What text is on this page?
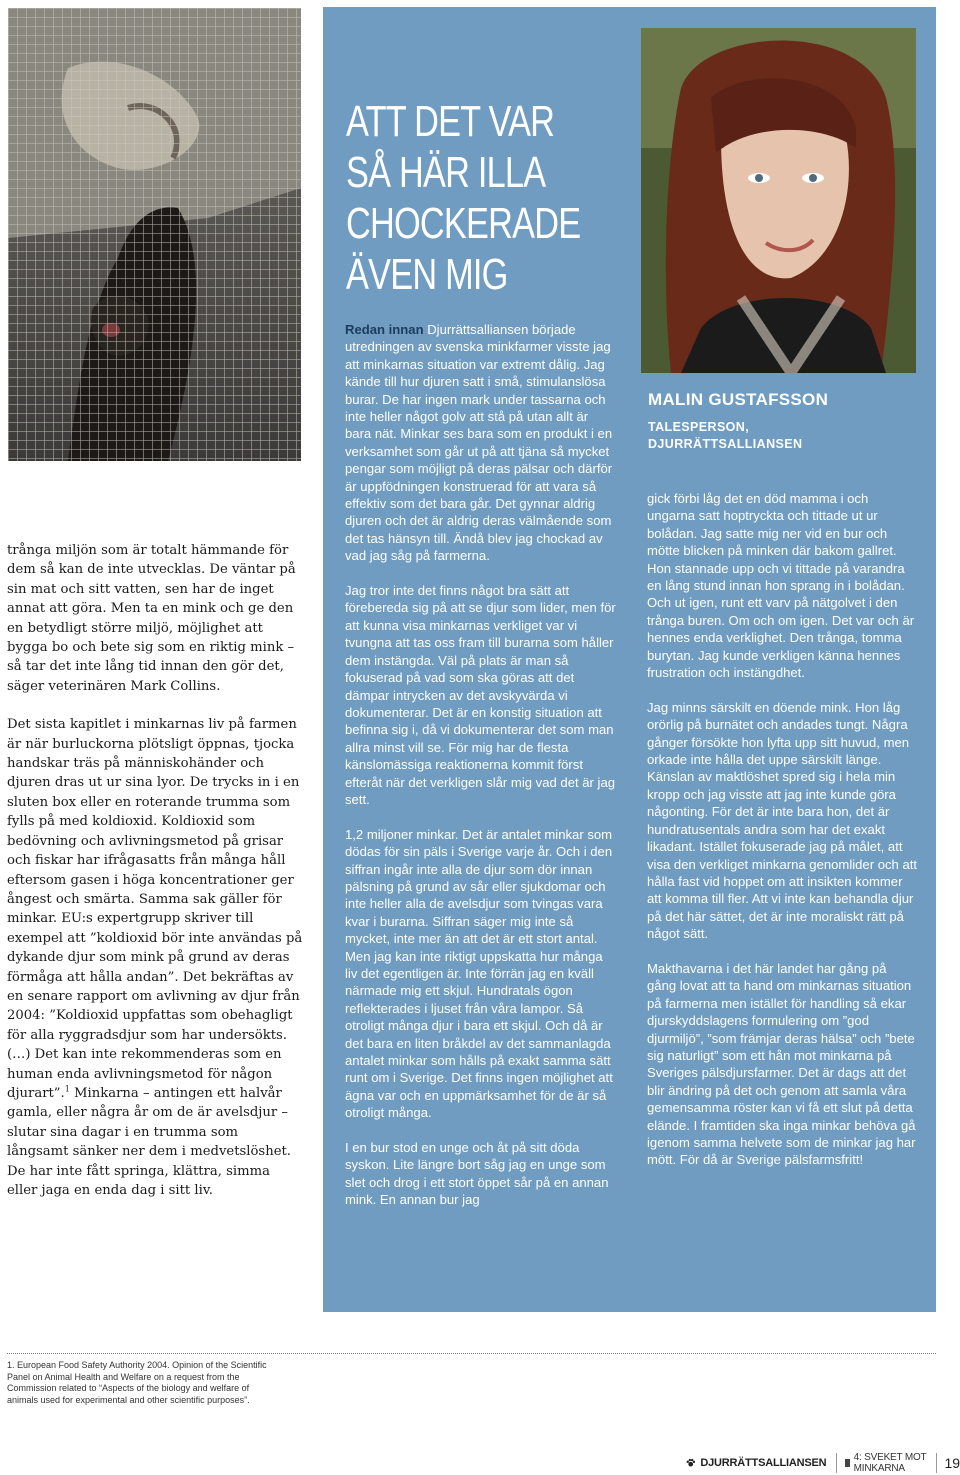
trånga miljön som är totalt hämmande för dem så kan de inte utvecklas. De väntar på sin mat och sitt vatten, sen har de inget annat att göra. Men ta en mink och ge den en betydligt större miljö, möjlighet att bygga bo och bete sig som en riktig mink – så tar det inte lång tid innan den gör det, säger veterinären Mark Collins.

Det sista kapitlet i minkarnas liv på farmen är när burluckorna plötsligt öppnas, tjocka handskar träs på människohänder och djuren dras ut ur sina lyor. De trycks in i en sluten box eller en roterande trumma som fylls på med koldioxid. Koldioxid som bedövning och avlivningsmetod på grisar och fiskar har ifrågasatts från många håll eftersom gasen i höga koncentrationer ger ångest och smärta. Samma sak gäller för minkar. EU:s expertgrupp skriver till exempel att ”koldioxid bör inte användas på dykande djur som mink på grund av deras förmåga att hålla andan”. Det bekräftas av en senare rapport om avlivning av djur från 2004: ”Koldioxid uppfattas som obehagligt för alla ryggradsdjur som har undersökts. (…) Det kan inte rekommenderas som en human enda avlivningsmetod för någon djurart”.$^1$ Minkarna – antingen ett halvår gamla, eller några år om de är avelsdjur – slutar sina dagar i en trumma som långsamt sänker ner dem i medvetslöshet. De har inte fått springa, klättra, simma eller jaga en enda dag i sitt liv.

ATT DET VAR
SÅ HÄR ILLA
CHOCKERADE
ÄVEN MIG

Redan innan Djurrättsalliansen började utredningen av svenska minkfarmer visste jag att minkarnas situation var extremt dålig. Jag kände till hur djuren satt i små, stimulanslösa burar. De har ingen mark under tassarna och inte heller något golv att stå på utan allt är bara nät. Minkar ses bara som en produkt i en verksamhet som går ut på att tjäna så mycket pengar som möjligt på deras pälsar och därför är uppfödningen konstruerad för att vara så effektiv som det bara går. Det gynnar aldrig djuren och det är aldrig deras välmående som det tas hänsyn till. Ändå blev jag chockad av vad jag såg på farmerna.

Jag tror inte det finns något bra sätt att förebereda sig på att se djur som lider, men för att kunna visa minkarnas verkliget var vi tvungna att tas oss fram till burarna som håller dem instängda. Väl på plats är man så fokuserad på vad som ska göras att det dämpar intrycken av det avskyvärda vi dokumenterar. Det är en konstig situation att befinna sig i, då vi dokumenterar det som man allra minst vill se. För mig har de flesta känslomässiga reaktionerna kommit först efteråt när det verkligen slår mig vad det är jag sett.

1,2 miljoner minkar. Det är antalet minkar som dödas för sin päls i Sverige varje år. Och i den siffran ingår inte alla de djur som dör innan pälsning på grund av sår eller sjukdomar och inte heller alla de avelsdjur som tvingas vara kvar i burarna. Siffran säger mig inte så mycket, inte mer än att det är ett stort antal. Men jag kan inte riktigt uppskatta hur många liv det egentligen är. Inte förrän jag en kväll närmade mig ett skjul. Hundratals ögon reflekterades i ljuset från våra lampor. Så otroligt många djur i bara ett skjul. Och då är det bara en liten bråkdel av det sammanlagda antalet minkar som hålls på exakt samma sätt runt om i Sverige. Det finns ingen möjlighet att ägna var och en uppmärksamhet för de är så otroligt många.

I en bur stod en unge och åt på sitt döda syskon. Lite längre bort såg jag en unge som slet och drog i ett stort öppet sår på en annan mink. En annan bur jag

MALIN GUSTAFSSON
TALESPERSON,
DJURRÄTTSALLIANSEN

gick förbi låg det en död mamma i och ungarna satt hoptryckta och tittade ut ur bolådan. Jag satte mig ner vid en bur och mötte blicken på minken där bakom gallret. Hon stannade upp och vi tittade på varandra en lång stund innan hon sprang in i bolådan. Och ut igen, runt ett varv på nätgolvet i den trånga buren. Om och om igen. Det var och är hennes enda verklighet. Den trånga, tomma burytan. Jag kunde verkligen känna hennes frustration och instängdhet.

Jag minns särskilt en döende mink. Hon låg orörlig på burnätet och andades tungt. Några gånger försökte hon lyfta upp sitt huvud, men orkade inte hålla det uppe särskilt länge. Känslan av maktlöshet spred sig i hela min kropp och jag visste att jag inte kunde göra någonting. För det är inte bara hon, det är hundratusentals andra som har det exakt likadant. Istället fokuserade jag på målet, att visa den verkliget minkarna genomlider och att hålla fast vid hoppet om att insikten kommer att komma till fler. Att vi inte kan behandla djur på det här sättet, det är inte moraliskt rätt på något sätt.

Makthavarna i det här landet har gång på gång lovat att ta hand om minkarnas situation på farmerna men istället för handling så ekar djurskyddslagens formulering om ”god djurmiljö”, ”som främjar deras hälsa” och ”bete sig naturligt” som ett hån mot minkarna på Sveriges pälsdjursfarmer. Det är dags att det blir ändring på det och genom att samla våra gemensamma röster kan vi få ett slut på detta elände. I framtiden ska inga minkar behöva gå igenom samma helvete som de minkar jag har mött. För då är Sverige pälsfarmsfritt!

1. European Food Safety Authority 2004. Opinion of the Scientific Panel on Animal Health and Welfare on a request from the Commission related to “Aspects of the biology and welfare of animals used for experimental and other scientific purposes”.
DJURRÄTTSALLIANSEN	4: SVEKET MOT MINKARNA	19
